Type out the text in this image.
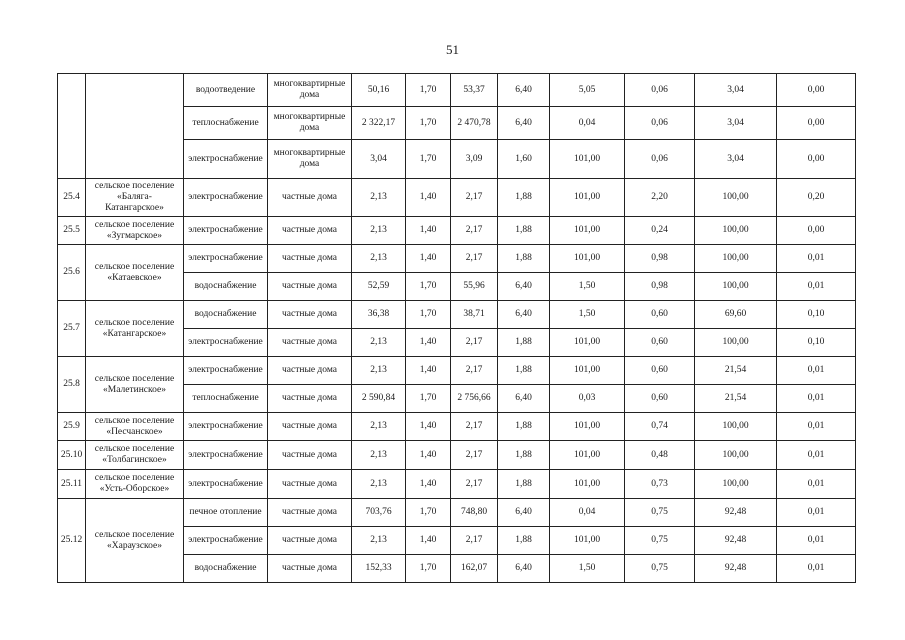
51
		водоотведение	многоквартирные дома	50,16	1,70	53,37	6,40	5,05	0,06	3,04	0,00
		теплоснабжение	многоквартирные дома	2 322,17	1,70	2 470,78	6,40	0,04	0,06	3,04	0,00
		электроснабжение	многоквартирные дома	3,04	1,70	3,09	1,60	101,00	0,06	3,04	0,00
25.4	сельское поселение «Баляга-Катангарское»	электроснабжение	частные дома	2,13	1,40	2,17	1,88	101,00	2,20	100,00	0,20
25.5	сельское поселение «Зугмарское»	электроснабжение	частные дома	2,13	1,40	2,17	1,88	101,00	0,24	100,00	0,00
25.6	сельское поселение «Катаевское»	электроснабжение	частные дома	2,13	1,40	2,17	1,88	101,00	0,98	100,00	0,01
		водоснабжение	частные дома	52,59	1,70	55,96	6,40	1,50	0,98	100,00	0,01
25.7	сельское поселение «Катангарское»	водоснабжение	частные дома	36,38	1,70	38,71	6,40	1,50	0,60	69,60	0,10
		электроснабжение	частные дома	2,13	1,40	2,17	1,88	101,00	0,60	100,00	0,10
25.8	сельское поселение «Малетинское»	электроснабжение	частные дома	2,13	1,40	2,17	1,88	101,00	0,60	21,54	0,01
		теплоснабжение	частные дома	2 590,84	1,70	2 756,66	6,40	0,03	0,60	21,54	0,01
25.9	сельское поселение «Песчанское»	электроснабжение	частные дома	2,13	1,40	2,17	1,88	101,00	0,74	100,00	0,01
25.10	сельское поселение «Толбагинское»	электроснабжение	частные дома	2,13	1,40	2,17	1,88	101,00	0,48	100,00	0,01
25.11	сельское поселение «Усть-Оборское»	электроснабжение	частные дома	2,13	1,40	2,17	1,88	101,00	0,73	100,00	0,01
25.12	сельское поселение «Хараузское»	печное отопление	частные дома	703,76	1,70	748,80	6,40	0,04	0,75	92,48	0,01
		электроснабжение	частные дома	2,13	1,40	2,17	1,88	101,00	0,75	92,48	0,01
		водоснабжение	частные дома	152,33	1,70	162,07	6,40	1,50	0,75	92,48	0,01
